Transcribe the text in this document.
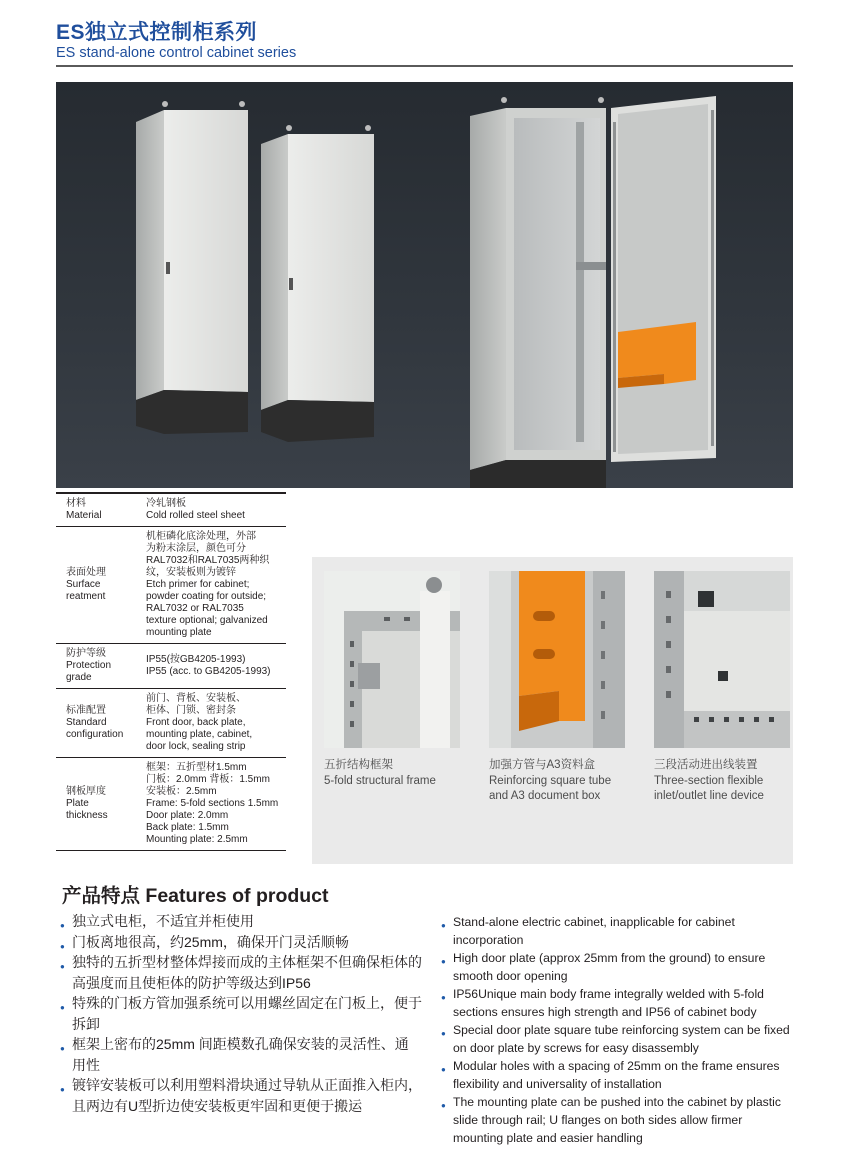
ES独立式控制柜系列
ES stand-alone control cabinet series
材料
Material
冷轧钢板
Cold rolled steel sheet
表面处理
Surface
reatment
机柜磷化底涂处理，外部
为粉末涂层，颜色可分
RAL7032和RAL7035两种织
纹，安装板则为镀锌
Etch primer for cabinet;
powder coating for outside;
RAL7032 or RAL7035
texture optional; galvanized
mounting plate
防护等级
Protection
grade
IP55(按GB4205-1993)
IP55 (acc. to GB4205-1993)
标准配置
Standard
configuration
前门、背板、安装板、
柜体、门锁、密封条
Front door, back plate,
mounting plate, cabinet,
door lock, sealing strip
钢板厚度
Plate
thickness
框架：五折型材1.5mm
门板：2.0mm 背板：1.5mm
安装板：2.5mm
Frame: 5-fold sections 1.5mm
Door plate: 2.0mm
Back plate: 1.5mm
Mounting plate: 2.5mm
五折结构框架
5-fold structural frame
加强方管与A3资料盒
Reinforcing square tube
and A3 document box
三段活动进出线装置
Three-section flexible
inlet/outlet line device
产品特点 Features of product
● 独立式电柜，不适宜并柜使用
● 门板离地很高，约25mm，确保开门灵活顺畅
● 独特的五折型材整体焊接而成的主体框架不但确保柜体的高强度而且使柜体的防护等级达到IP56
● 特殊的门板方管加强系统可以用螺丝固定在门板上，便于拆卸
● 框架上密布的25mm 间距模数孔确保安装的灵活性、通用性
● 镀锌安装板可以利用塑料滑块通过导轨从正面推入柜内，且两边有U型折边使安装板更牢固和更便于搬运
● Stand-alone electric cabinet, inapplicable for cabinet incorporation
● High door plate (approx 25mm from the ground) to ensure smooth door opening
● IP56Unique main body frame integrally welded with 5-fold sections ensures high strength and IP56 of cabinet body
● Special door plate square tube reinforcing system can be fixed on door plate by screws for easy disassembly
● Modular holes with a spacing of 25mm on the frame ensures flexibility and universality of installation
● The mounting plate can be pushed into the cabinet by plastic slide through rail; U flanges on both sides allow firmer mounting plate and easier handling
